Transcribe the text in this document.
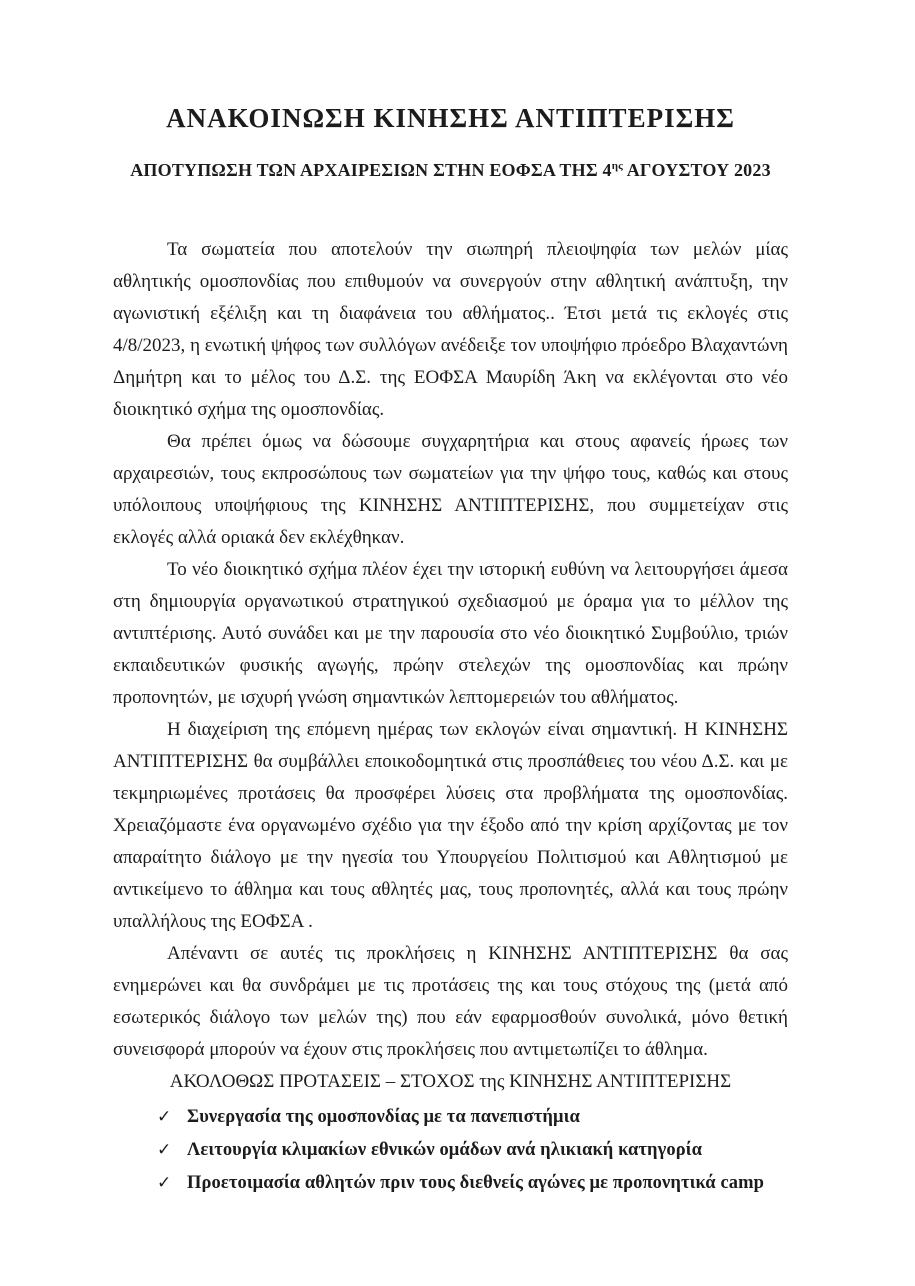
ΑΝΑΚΟΙΝΩΣΗ ΚΙΝΗΣΗΣ ΑΝΤΙΠΤΕΡΙΣΗΣ
ΑΠΟΤΥΠΩΣΗ ΤΩΝ ΑΡΧΑΙΡΕΣΙΩΝ ΣΤΗΝ ΕΟΦΣΑ ΤΗΣ $4^{\eta\varsigma}$ ΑΓΟΥΣΤΟΥ 2023

Τα σωματεία που αποτελούν την σιωπηρή πλειοψηφία των μελών μίας αθλητικής ομοσπονδίας που επιθυμούν να συνεργούν στην αθλητική ανάπτυξη, την αγωνιστική εξέλιξη και τη διαφάνεια του αθλήματος.. Έτσι μετά τις εκλογές στις 4/8/2023, η ενωτική ψήφος των συλλόγων ανέδειξε τον υποψήφιο πρόεδρο Βλαχαντώνη Δημήτρη και το μέλος του Δ.Σ. της ΕΟΦΣΑ Μαυρίδη Άκη να εκλέγονται στο νέο διοικητικό σχήμα της ομοσπονδίας.

Θα πρέπει όμως να δώσουμε συγχαρητήρια και στους αφανείς ήρωες των αρχαιρεσιών, τους εκπροσώπους των σωματείων για την ψήφο τους, καθώς και στους υπόλοιπους υποψήφιους της ΚΙΝΗΣΗΣ ΑΝΤΙΠΤΕΡΙΣΗΣ, που συμμετείχαν στις εκλογές αλλά οριακά δεν εκλέχθηκαν.

Το νέο διοικητικό σχήμα πλέον έχει την ιστορική ευθύνη να λειτουργήσει άμεσα στη δημιουργία οργανωτικού στρατηγικού σχεδιασμού με όραμα για το μέλλον της αντιπτέρισης. Αυτό συνάδει και με την παρουσία στο νέο διοικητικό Συμβούλιο, τριών εκπαιδευτικών φυσικής αγωγής, πρώην στελεχών της ομοσπονδίας και πρώην προπονητών, με ισχυρή γνώση σημαντικών λεπτομερειών του αθλήματος.

Η διαχείριση της επόμενη ημέρας των εκλογών είναι σημαντική. Η ΚΙΝΗΣΗΣ ΑΝΤΙΠΤΕΡΙΣΗΣ θα συμβάλλει εποικοδομητικά στις προσπάθειες του νέου Δ.Σ. και με τεκμηριωμένες προτάσεις θα προσφέρει λύσεις στα προβλήματα της ομοσπονδίας. Χρειαζόμαστε ένα οργανωμένο σχέδιο για την έξοδο από την κρίση αρχίζοντας με τον απαραίτητο διάλογο με την ηγεσία του Υπουργείου Πολιτισμού και Αθλητισμού με αντικείμενο το άθλημα και τους αθλητές μας, τους προπονητές, αλλά και τους πρώην υπαλλήλους της ΕΟΦΣΑ .

Απέναντι σε αυτές τις προκλήσεις η ΚΙΝΗΣΗΣ ΑΝΤΙΠΤΕΡΙΣΗΣ θα σας ενημερώνει και θα συνδράμει με τις προτάσεις της και τους στόχους της (μετά από εσωτερικός διάλογο των μελών της) που εάν εφαρμοσθούν συνολικά, μόνο θετική συνεισφορά μπορούν να έχουν στις προκλήσεις που αντιμετωπίζει το άθλημα.

ΑΚΟΛΟΘΩΣ ΠΡΟΤΑΣΕΙΣ – ΣΤΟΧΟΣ της ΚΙΝΗΣΗΣ ΑΝΤΙΠΤΕΡΙΣΗΣ

✓ Συνεργασία της ομοσπονδίας με τα πανεπιστήμια
✓ Λειτουργία κλιμακίων εθνικών ομάδων ανά ηλικιακή κατηγορία
✓ Προετοιμασία αθλητών πριν τους διεθνείς αγώνες με προπονητικά camp
